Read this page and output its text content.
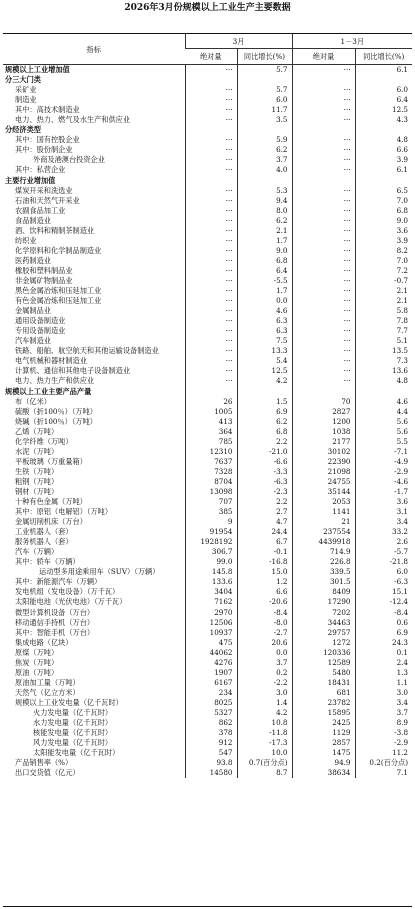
2026年3月份规模以上工业生产主要数据
指标	3月		1－3月	
	绝对量	同比增长(%)	绝对量	同比增长(%)
规模以上工业增加值	···	5.7	···	6.1
分三大门类				
采矿业	···	5.7	···	6.0
制造业	···	6.0	···	6.4
其中：高技术制造业	···	11.7	···	12.5
电力、热力、燃气及水生产和供应业	···	3.5	···	4.3
分经济类型				
其中：国有控股企业	···	5.9	···	4.8
其中：股份制企业	···	6.2	···	6.6
外商及港澳台投资企业	···	3.7	···	3.9
其中：私营企业	···	4.0	···	6.1
主要行业增加值				
煤炭开采和洗选业	···	5.3	···	6.5
石油和天然气开采业	···	9.4	···	7.0
农副食品加工业	···	8.0	···	6.8
食品制造业	···	6.2	···	9.0
酒、饮料和精制茶制造业	···	2.1	···	3.6
纺织业	···	1.7	···	3.9
化学原料和化学制品制造业	···	9.0	···	8.2
医药制造业	···	6.8	···	7.0
橡胶和塑料制品业	···	6.4	···	7.2
非金属矿物制品业	···	-5.5	···	-0.7
黑色金属冶炼和压延加工业	···	1.7	···	2.1
有色金属冶炼和压延加工业	···	0.0	···	2.1
金属制品业	···	4.6	···	5.8
通用设备制造业	···	6.3	···	7.8
专用设备制造业	···	6.3	···	7.7
汽车制造业	···	7.5	···	5.1
铁路、船舶、航空航天和其他运输设备制造业	···	13.3	···	13.5
电气机械和器材制造业	···	5.4	···	7.3
计算机、通信和其他电子设备制造业	···	12.5	···	13.6
电力、热力生产和供应业	···	4.2	···	4.8
规模以上工业主要产品产量				
布（亿米）	26	1.5	70	4.6
硫酸（折100％）（万吨）	1005	6.9	2827	4.4
烧碱（折100％）（万吨）	413	6.2	1200	5.6
乙烯（万吨）	364	6.8	1038	5.6
化学纤维（万吨）	785	2.2	2177	5.5
水泥（万吨）	12310	-21.0	30102	-7.1
平板玻璃（万重量箱）	7637	-6.6	22390	-4.9
生铁（万吨）	7328	-3.3	21098	-2.9
粗钢（万吨）	8704	-6.3	24755	-4.6
钢材（万吨）	13098	-2.3	35144	-1.7
十种有色金属（万吨）	707	2.2	2053	3.6
其中：原铝（电解铝）（万吨）	385	2.7	1141	3.1
金属切削机床（万台）	9	4.7	21	3.4
工业机器人（套）	91954	24.4	237554	33.2
服务机器人（套）	1928192	6.7	4439918	2.6
汽车（万辆）	306.7	-0.1	714.9	-5.7
其中：轿车（万辆）	99.0	-16.8	226.8	-21.8
运动型多用途乘用车（SUV）（万辆）	145.8	15.0	339.5	6.0
其中：新能源汽车（万辆）	133.6	1.2	301.5	-6.3
发电机组（发电设备）（万千瓦）	3404	6.6	8409	15.1
太阳能电池（光伏电池）（万千瓦）	7162	-20.6	17290	-12.4
微型计算机设备（万台）	2970	-8.4	7202	-8.4
移动通信手持机（万台）	12506	-8.0	34463	0.6
其中：智能手机（万台）	10937	-2.7	29757	6.9
集成电路（亿块）	475	20.6	1272	24.3
原煤（万吨）	44062	0.0	120336	0.1
焦炭（万吨）	4276	3.7	12589	2.4
原油（万吨）	1907	0.2	5480	1.3
原油加工量（万吨）	6167	-2.2	18431	1.1
天然气（亿立方米）	234	3.0	681	3.0
规模以上工业发电量（亿千瓦时）	8025	1.4	23782	3.4
火力发电量（亿千瓦时）	5327	4.2	15895	3.7
水力发电量（亿千瓦时）	862	10.8	2425	8.9
核能发电量（亿千瓦时）	378	-11.8	1129	-3.8
风力发电量（亿千瓦时）	912	-17.3	2857	-2.9
太阳能发电量（亿千瓦时）	547	10.0	1475	11.2
产品销售率（%）	93.8	0.7(百分点)	94.9	0.2(百分点)
出口交货值（亿元）	14580	8.7	38634	7.1
